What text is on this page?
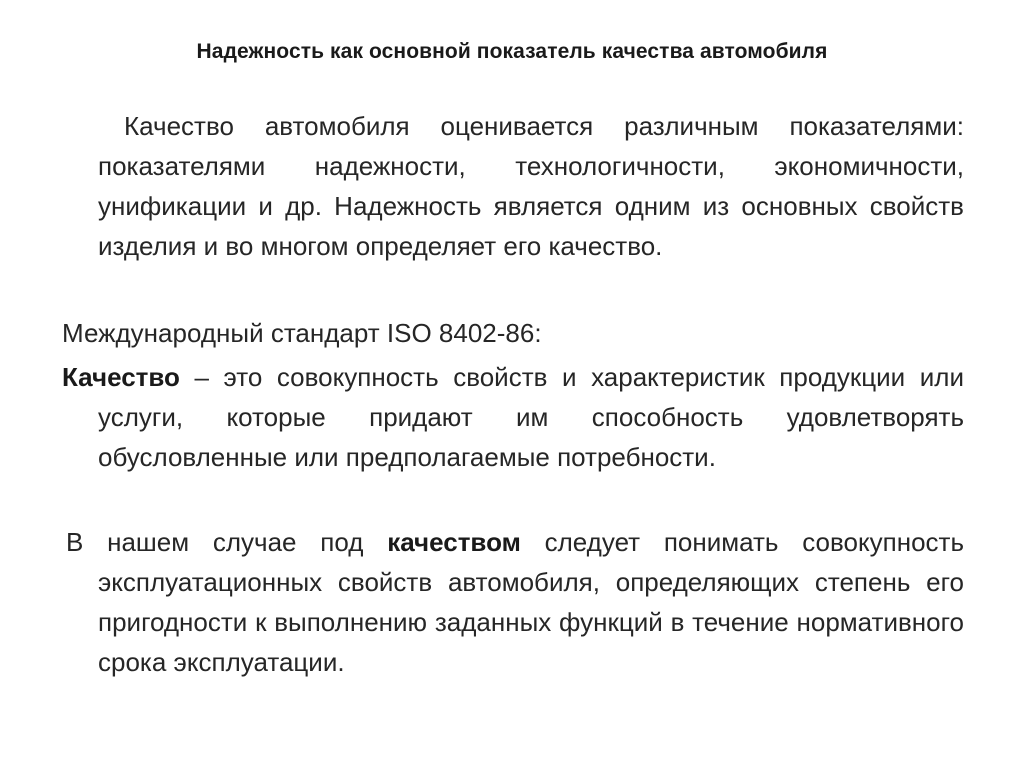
Надежность как основной показатель качества автомобиля

Качество автомобиля оценивается различным показателями: показателями надежности, технологичности, экономичности, унификации и др. Надежность является одним из основных свойств изделия и во многом определяет его качество.

Международный стандарт ISO 8402-86:

Качество – это совокупность свойств и характеристик продукции или услуги, которые придают им способность удовлетворять обусловленные или предполагаемые потребности.

В нашем случае под качеством следует понимать совокупность эксплуатационных свойств автомобиля, определяющих степень его пригодности к выполнению заданных функций в течение нормативного срока эксплуатации.
